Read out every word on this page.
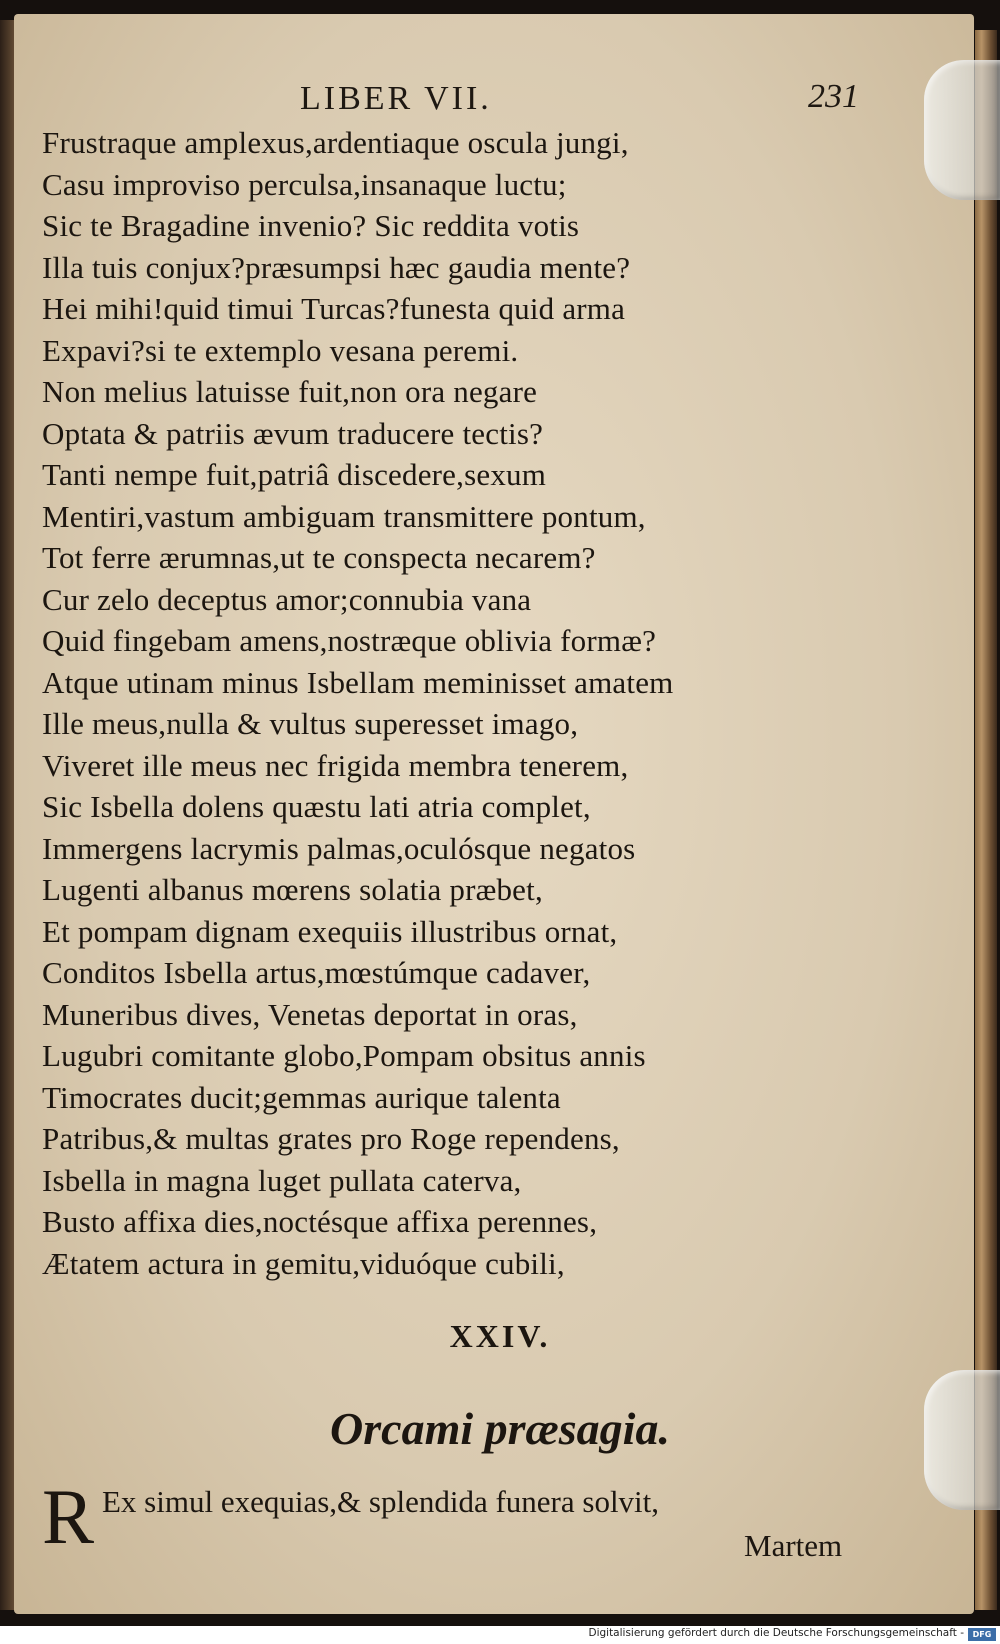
LIBER VII.	231
Frustraque amplexus,ardentiaque oscula jungi,
Casu improviso perculsa,insanaque luctu;
Sic te Bragadine invenio? Sic reddita votis
Illa tuis conjux?præsumpsi hæc gaudia mente?
Hei mihi!quid timui Turcas?funesta quid arma
Expavi?si te extemplo vesana peremi.
Non melius latuisse fuit,non ora negare
Optata & patriis ævum traducere tectis?
Tanti nempe fuit,patriâ discedere,sexum
Mentiri,vastum ambiguam transmittere pontum,
Tot ferre ærumnas,ut te conspecta necarem?
Cur zelo deceptus amor;connubia vana
Quid fingebam amens,nostræque oblivia formæ?
Atque utinam minus Isbellam meminisset amatem
Ille meus,nulla & vultus superesset imago,
Viveret ille meus nec frigida membra tenerem,
Sic Isbella dolens quæstu lati atria complet,
Immergens lacrymis palmas,oculósque negatos
Lugenti albanus mœrens solatia præbet,
Et pompam dignam exequiis illustribus ornat,
Conditos Isbella artus,mœstúmque cadaver,
Muneribus dives, Venetas deportat in oras,
Lugubri comitante globo,Pompam obsitus annis
Timocrates ducit;gemmas aurique talenta
Patribus,& multas grates pro Roge rependens,
Isbella in magna luget pullata caterva,
Busto affixa dies,noctésque affixa perennes,
Ætatem actura in gemitu,viduóque cubili,
XXIV.
Orcami præsagia.
R Ex simul exequias,& splendida funera solvit,
Martem
Digitalisierung gefördert durch die Deutsche Forschungsgemeinschaft -	DFG
